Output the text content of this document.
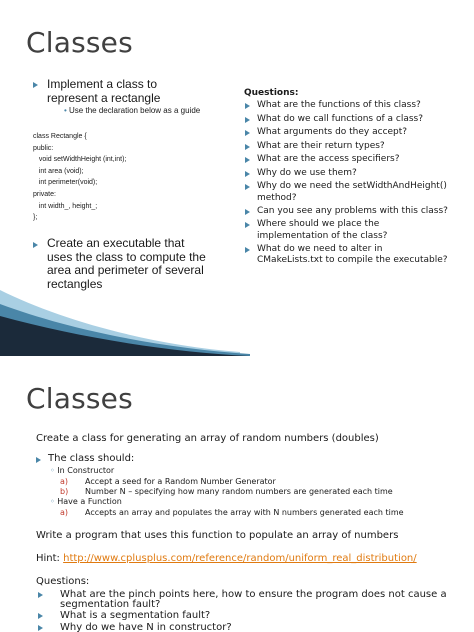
Classes
Implement a class to
represent a rectangle
• Use the declaration below as a guide
class Rectangle {
public:
void setWidthHeight (int,int);
int area (void);
int perimeter(void);
private:
int width_, height_;
};
Create an executable that
uses the class to compute the
area and perimeter of several
rectangles
Questions:
What are the functions of this class?
What do we call functions of a class?
What arguments do they accept?
What are their return types?
What are the access specifiers?
Why do we use them?
Why do we need the setWidthAndHeight()
method?
Can you see any problems with this class?
Where should we place the
implementation of the class?
What do we need to alter in
CMakeLists.txt to compile the executable?
Classes
Create a class for generating an array of random numbers (doubles)
The class should:
◦ In Constructor
a) Accept a seed for a Random Number Generator
b) Number N – specifying how many random numbers are generated each time
◦ Have a Function
a) Accepts an array and populates the array with N numbers generated each time
Write a program that uses this function to populate an array of numbers
Hint: http://www.cplusplus.com/reference/random/uniform_real_distribution/
Questions:
What are the pinch points here, how to ensure the program does not cause a
segmentation fault?
What is a segmentation fault?
Why do we have N in constructor?
